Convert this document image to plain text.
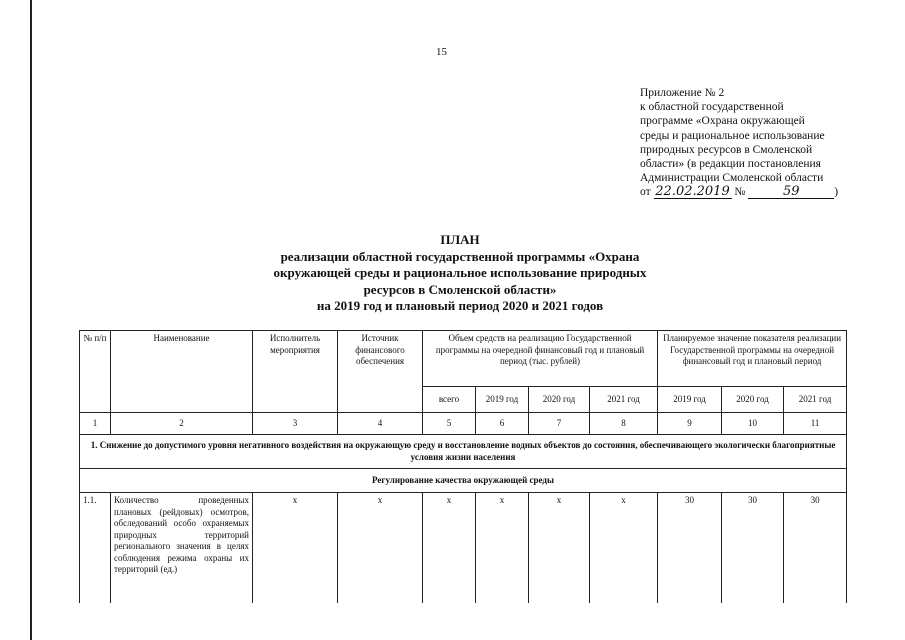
15
Приложение № 2
к областной государственной
программе «Охрана окружающей
среды и рациональное использование
природных ресурсов в Смоленской
области» (в редакции постановления
Администрации Смоленской области
от 22.02.2019 №	59	)
ПЛАН
реализации областной государственной программы «Охрана
окружающей среды и рациональное использование природных
ресурсов в Смоленской области»
на 2019 год и плановый период 2020 и 2021 годов
№ п/п	Наименование	Исполнитель мероприятия	Источник финансового обеспечения	Объем средств на реализацию Государственной программы на очередной финансовый год и плановый период (тыс. рублей)				Планируемое значение показателя реализации Государственной программы на очередной финансовый год и плановый период		
				всего	2019 год	2020 год	2021 год	2019 год	2020 год	2021 год
1	2	3	4	5	6	7	8	9	10	11
1. Снижение до допустимого уровня негативного воздействия на окружающую среду и восстановление водных объектов до состояния, обеспечивающего экологически благоприятные условия жизни населения										
Регулирование качества окружающей среды										
1.1.	Количество проведенных плановых (рейдовых) осмотров, обследований особо охраняемых природных территорий регионального значения в целях соблюдения режима охраны их территорий (ед.)	x	x	x	x	x	x	30	30	30
